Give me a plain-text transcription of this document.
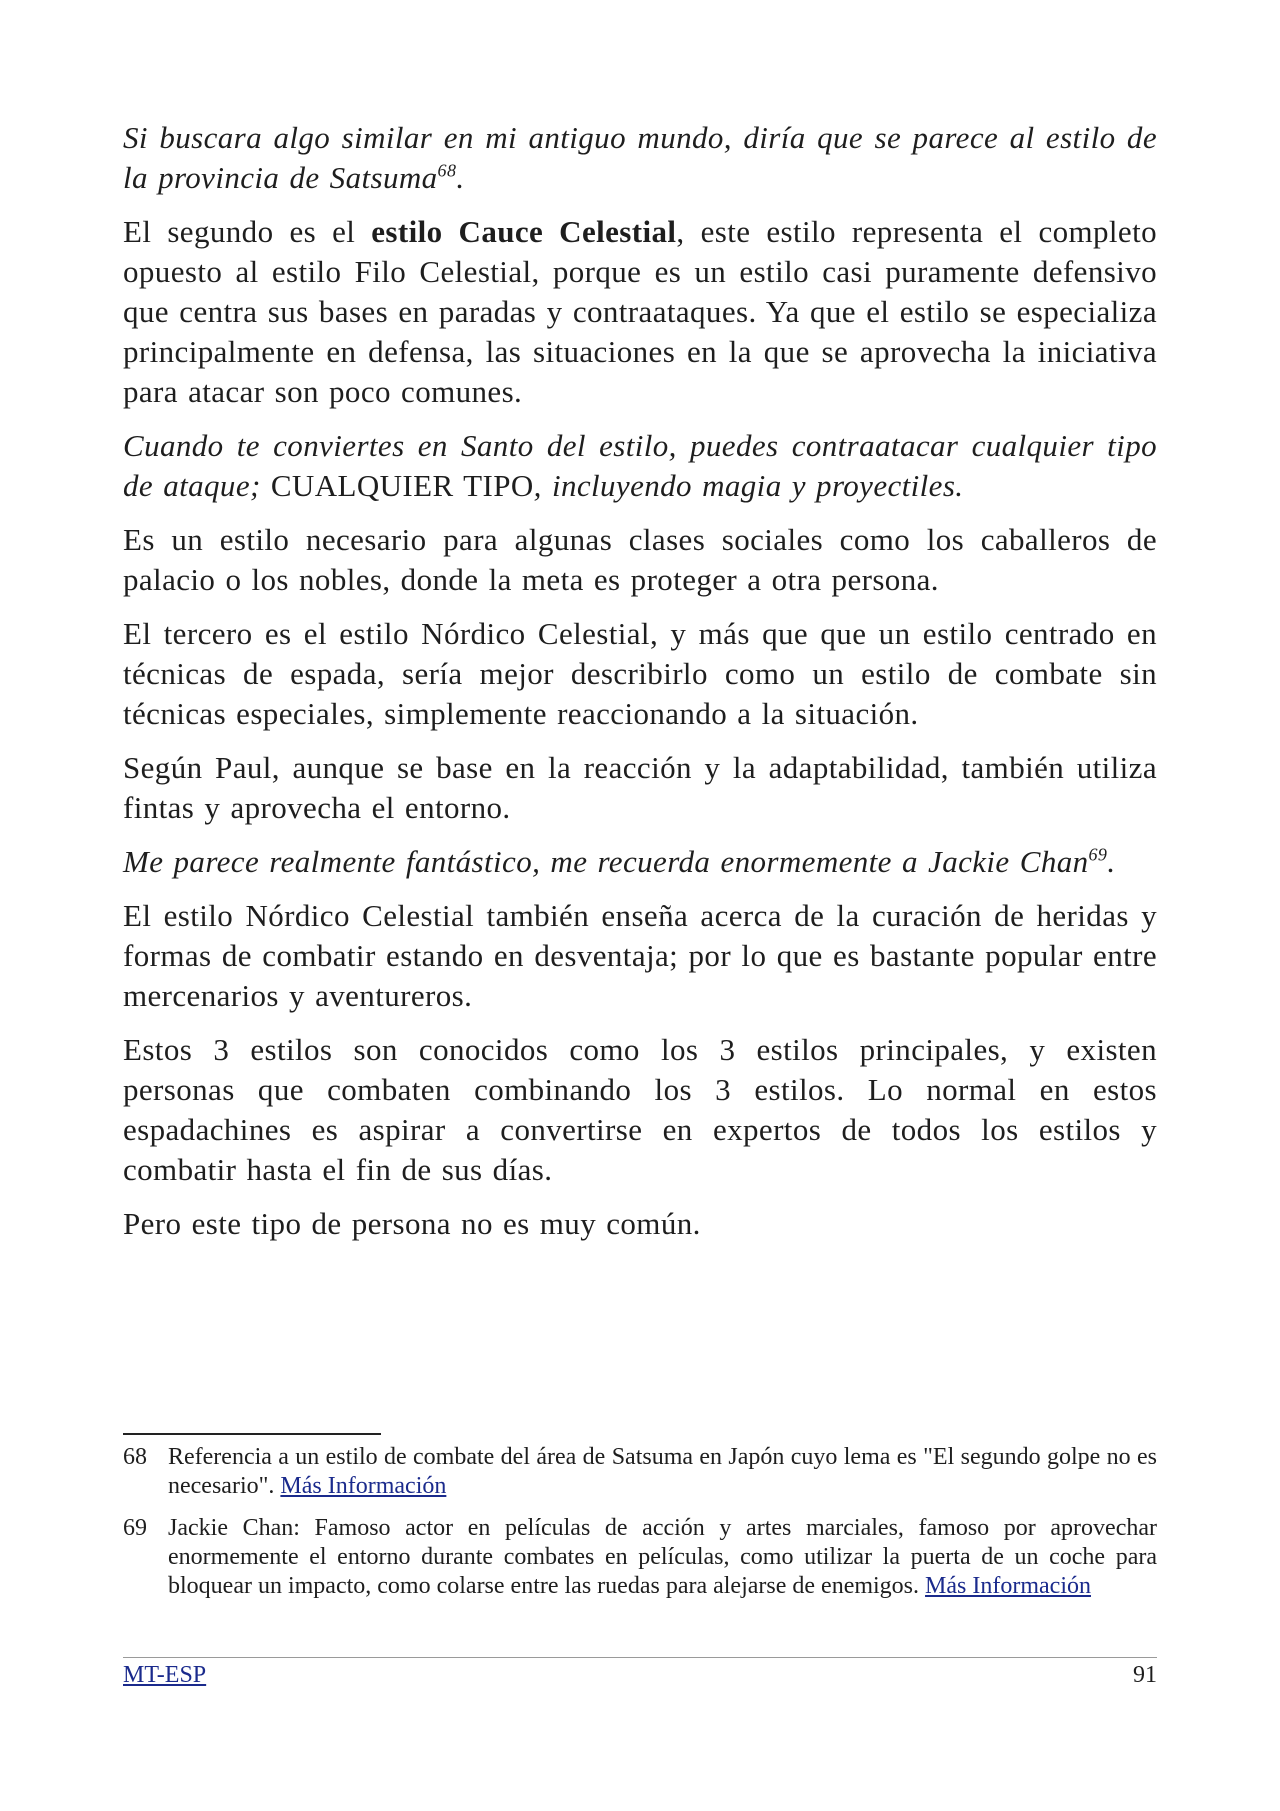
Si buscara algo similar en mi antiguo mundo, diría que se parece al estilo de la provincia de Satsuma$^{68}$.

El segundo es el estilo Cauce Celestial, este estilo representa el completo opuesto al estilo Filo Celestial, porque es un estilo casi puramente defensivo que centra sus bases en paradas y contraataques. Ya que el estilo se especializa principalmente en defensa, las situaciones en la que se aprovecha la iniciativa para atacar son poco comunes.

Cuando te conviertes en Santo del estilo, puedes contraatacar cualquier tipo de ataque; CUALQUIER TIPO, incluyendo magia y proyectiles.

Es un estilo necesario para algunas clases sociales como los caballeros de palacio o los nobles, donde la meta es proteger a otra persona.

El tercero es el estilo Nórdico Celestial, y más que que un estilo centrado en técnicas de espada, sería mejor describirlo como un estilo de combate sin técnicas especiales, simplemente reaccionando a la situación.

Según Paul, aunque se base en la reacción y la adaptabilidad, también utiliza fintas y aprovecha el entorno.

Me parece realmente fantástico, me recuerda enormemente a Jackie Chan$^{69}$.

El estilo Nórdico Celestial también enseña acerca de la curación de heridas y formas de combatir estando en desventaja; por lo que es bastante popular entre mercenarios y aventureros.

Estos 3 estilos son conocidos como los 3 estilos principales, y existen personas que combaten combinando los 3 estilos. Lo normal en estos espadachines es aspirar a convertirse en expertos de todos los estilos y combatir hasta el fin de sus días.

Pero este tipo de persona no es muy común.

68 Referencia a un estilo de combate del área de Satsuma en Japón cuyo lema es "El segundo golpe no es necesario". Más Información
69 Jackie Chan: Famoso actor en películas de acción y artes marciales, famoso por aprovechar enormemente el entorno durante combates en películas, como utilizar la puerta de un coche para bloquear un impacto, como colarse entre las ruedas para alejarse de enemigos. Más Información
MT-ESP	91
